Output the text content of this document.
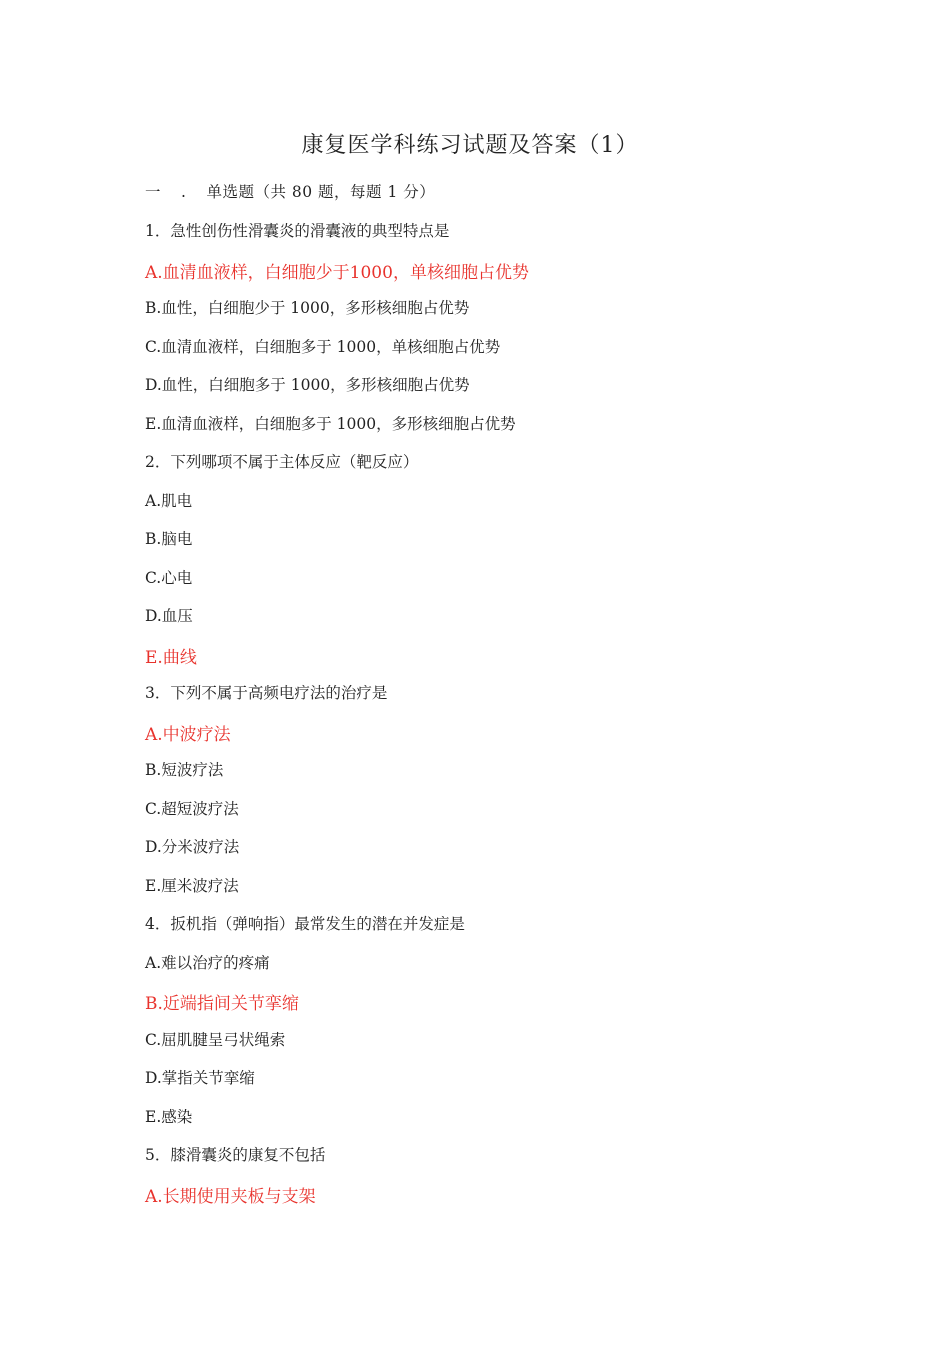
康复医学科练习试题及答案（1）
一 . 单选题（共 80 题，每题 1 分）
1．急性创伤性滑囊炎的滑囊液的典型特点是
A.血清血液样，白细胞少于1000，单核细胞占优势
B.血性，白细胞少于 1000，多形核细胞占优势
C.血清血液样，白细胞多于 1000，单核细胞占优势
D.血性，白细胞多于 1000，多形核细胞占优势
E.血清血液样，白细胞多于 1000，多形核细胞占优势
2．下列哪项不属于主体反应（靶反应）
A.肌电
B.脑电
C.心电
D.血压
E.曲线
3．下列不属于高频电疗法的治疗是
A.中波疗法
B.短波疗法
C.超短波疗法
D.分米波疗法
E.厘米波疗法
4．扳机指（弹响指）最常发生的潜在并发症是
A.难以治疗的疼痛
B.近端指间关节挛缩
C.屈肌腱呈弓状绳索
D.掌指关节挛缩
E.感染
5．膝滑囊炎的康复不包括
A.长期使用夹板与支架
